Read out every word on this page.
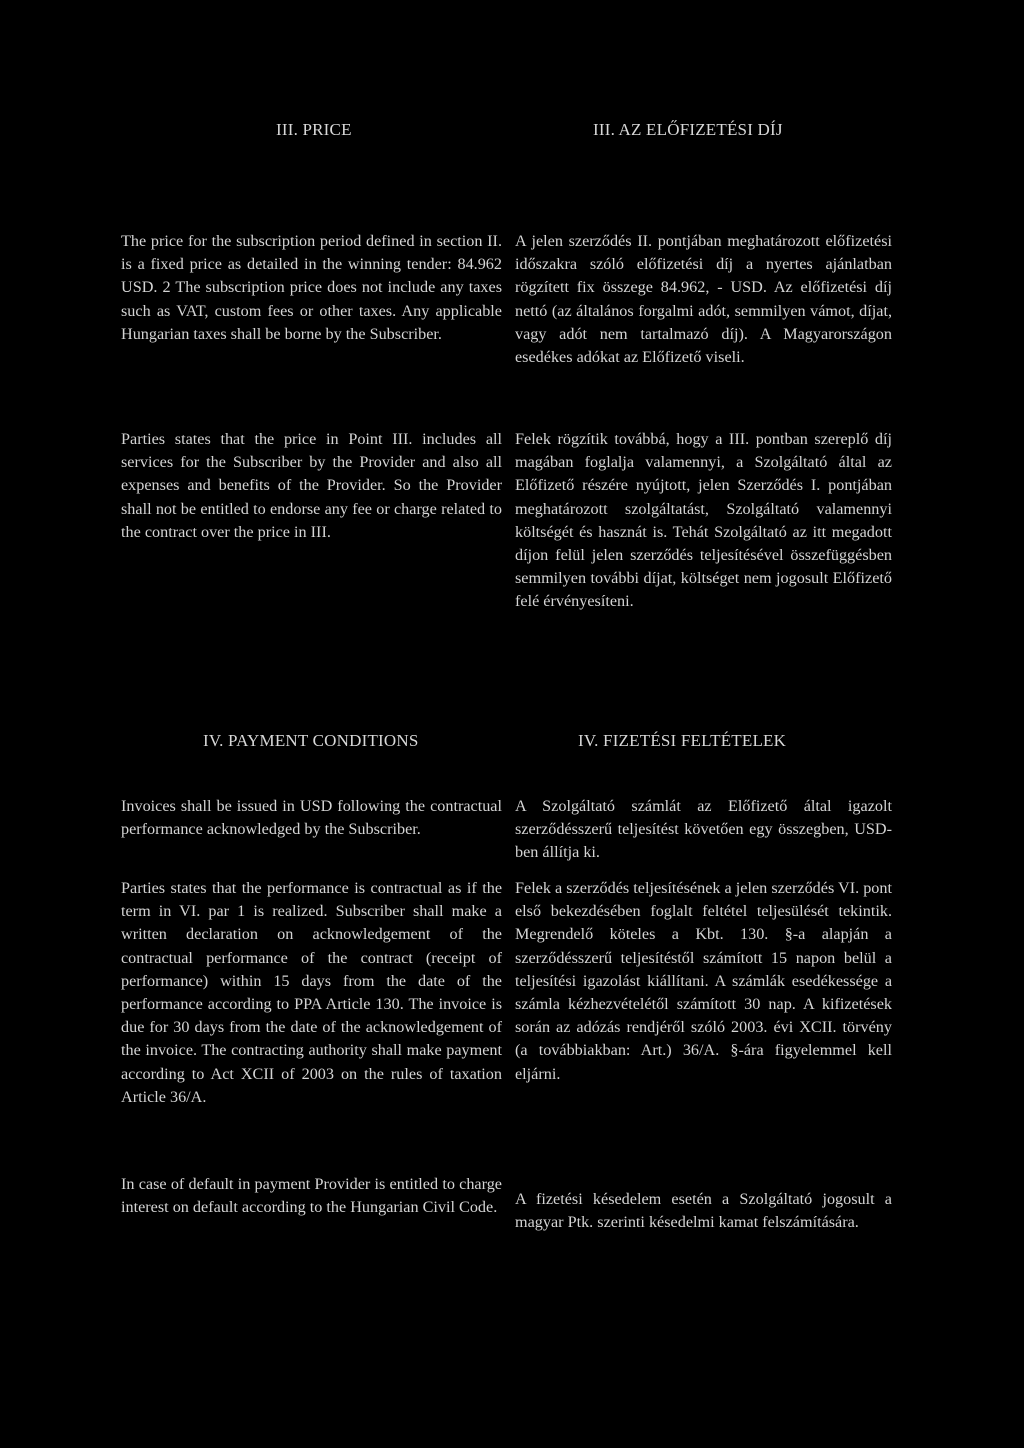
III. PRICE	III. AZ ELŐFIZETÉSI DÍJ

The price for the subscription period defined in section II. is a fixed price as detailed in the winning tender: 84.962 USD. 2 The subscription price does not include any taxes such as VAT, custom fees or other taxes. Any applicable Hungarian taxes shall be borne by the Subscriber.

A jelen szerződés II. pontjában meghatározott előfizetési időszakra szóló előfizetési díj a nyertes ajánlatban rögzített fix összege 84.962, - USD. Az előfizetési díj nettó (az általános forgalmi adót, semmilyen vámot, díjat, vagy adót nem tartalmazó díj). A Magyarországon esedékes adókat az Előfizető viseli.

Parties states that the price in Point III. includes all services for the Subscriber by the Provider and also all expenses and benefits of the Provider. So the Provider shall not be entitled to endorse any fee or charge related to the contract over the price in III.

Felek rögzítik továbbá, hogy a III. pontban szereplő díj magában foglalja valamennyi, a Szolgáltató által az Előfizető részére nyújtott, jelen Szerződés I. pontjában meghatározott szolgáltatást, Szolgáltató valamennyi költségét és hasznát is. Tehát Szolgáltató az itt megadott díjon felül jelen szerződés teljesítésével összefüggésben semmilyen további díjat, költséget nem jogosult Előfizető felé érvényesíteni.

IV. PAYMENT CONDITIONS	IV. FIZETÉSI FELTÉTELEK

Invoices shall be issued in USD following the contractual performance acknowledged by the Subscriber.

A Szolgáltató számlát az Előfizető által igazolt szerződésszerű teljesítést követően egy összegben, USD-ben állítja ki.

Parties states that the performance is contractual as if the term in VI. par 1 is realized. Subscriber shall make a written declaration on acknowledgement of the contractual performance of the contract (receipt of performance) within 15 days from the date of the performance according to PPA Article 130. The invoice is due for 30 days from the date of the acknowledgement of the invoice. The contracting authority shall make payment according to Act XCII of 2003 on the rules of taxation Article 36/A.

Felek a szerződés teljesítésének a jelen szerződés VI. pont első bekezdésében foglalt feltétel teljesülését tekintik. Megrendelő köteles a Kbt. 130. §-a alapján a szerződésszerű teljesítéstől számított 15 napon belül a teljesítési igazolást kiállítani. A számlák esedékessége a számla kézhezvételétől számított 30 nap. A kifizetések során az adózás rendjéről szóló 2003. évi XCII. törvény (a továbbiakban: Art.) 36/A. §-ára figyelemmel kell eljárni.

In case of default in payment Provider is entitled to charge interest on default according to the Hungarian Civil Code. A fizetési késedelem esetén a Szolgáltató jogosult a magyar Ptk. szerinti késedelmi kamat felszámítására.
